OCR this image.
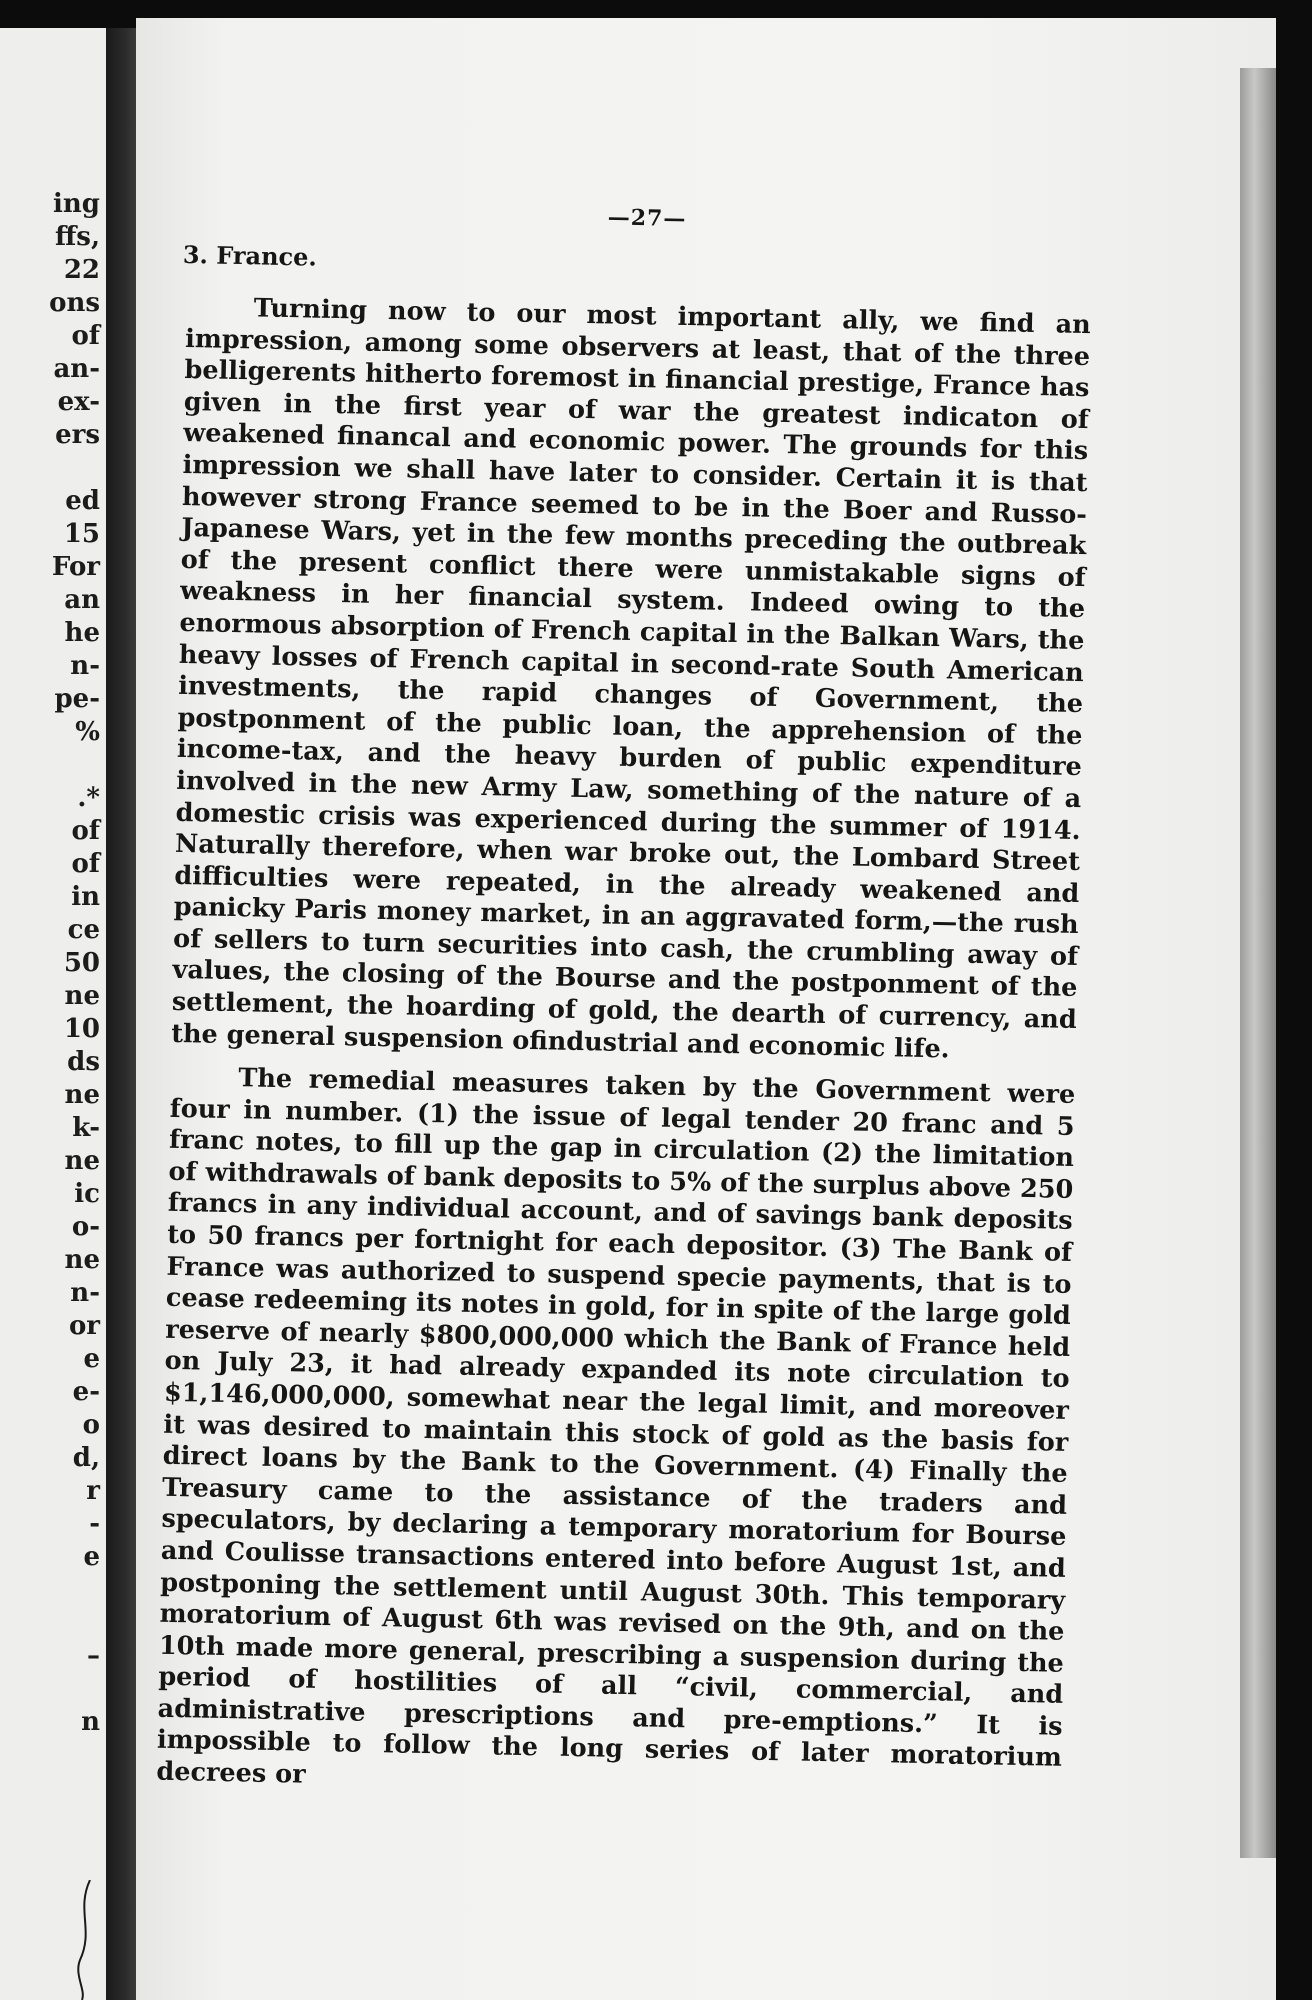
ing
ffs,
22
ons
of
an-
ex-
ers

ed
15
For
an
he
n-
ре-
%

.*
of
of
in
ce
50
ne
10
ds
ne
k-
ne
ic
o-
ne
n-
or
e
e-
o
d,
r
-
e

–

n
—27—
3. France.

Turning now to our most important ally, we find an impression, among some observers at least, that of the three belligerents hitherto foremost in financial prestige, France has given in the first year of war the greatest indicaton of weakened financal and economic power. The grounds for this impression we shall have later to consider. Certain it is that however strong France seemed to be in the Boer and Russo-Japanese Wars, yet in the few months preceding the outbreak of the present conflict there were unmistakable signs of weakness in her financial system. Indeed owing to the enormous absorption of French capital in the Balkan Wars, the heavy losses of French capital in second-rate South American investments, the rapid changes of Government, the postponment of the public loan, the apprehension of the income-tax, and the heavy burden of public expenditure involved in the new Army Law, something of the nature of a domestic crisis was experienced during the summer of 1914. Naturally therefore, when war broke out, the Lombard Street difficulties were repeated, in the already weakened and panicky Paris money market, in an aggravated form,—the rush of sellers to turn securities into cash, the crumbling away of values, the closing of the Bourse and the postponment of the settlement, the hoarding of gold, the dearth of currency, and the general suspension ofindustrial and economic life.

The remedial measures taken by the Government were four in number. (1) the issue of legal tender 20 franc and 5 franc notes, to fill up the gap in circulation (2) the limitation of withdrawals of bank deposits to 5% of the surplus above 250 francs in any individual account, and of savings bank deposits to 50 francs per fortnight for each depositor. (3) The Bank of France was authorized to suspend specie payments, that is to cease redeeming its notes in gold, for in spite of the large gold reserve of nearly $800,000,000 which the Bank of France held on July 23, it had already expanded its note circulation to $1,146,000,000, somewhat near the legal limit, and moreover it was desired to maintain this stock of gold as the basis for direct loans by the Bank to the Government. (4) Finally the Treasury came to the assistance of the traders and speculators, by declaring a temporary moratorium for Bourse and Coulisse transactions entered into before August 1st, and postponing the settlement until August 30th. This temporary moratorium of August 6th was revised on the 9th, and on the 10th made more general, prescribing a suspension during the period of hostilities of all “civil, commercial, and administrative prescriptions and pre-emptions.” It is impossible to follow the long series of later moratorium decrees or
